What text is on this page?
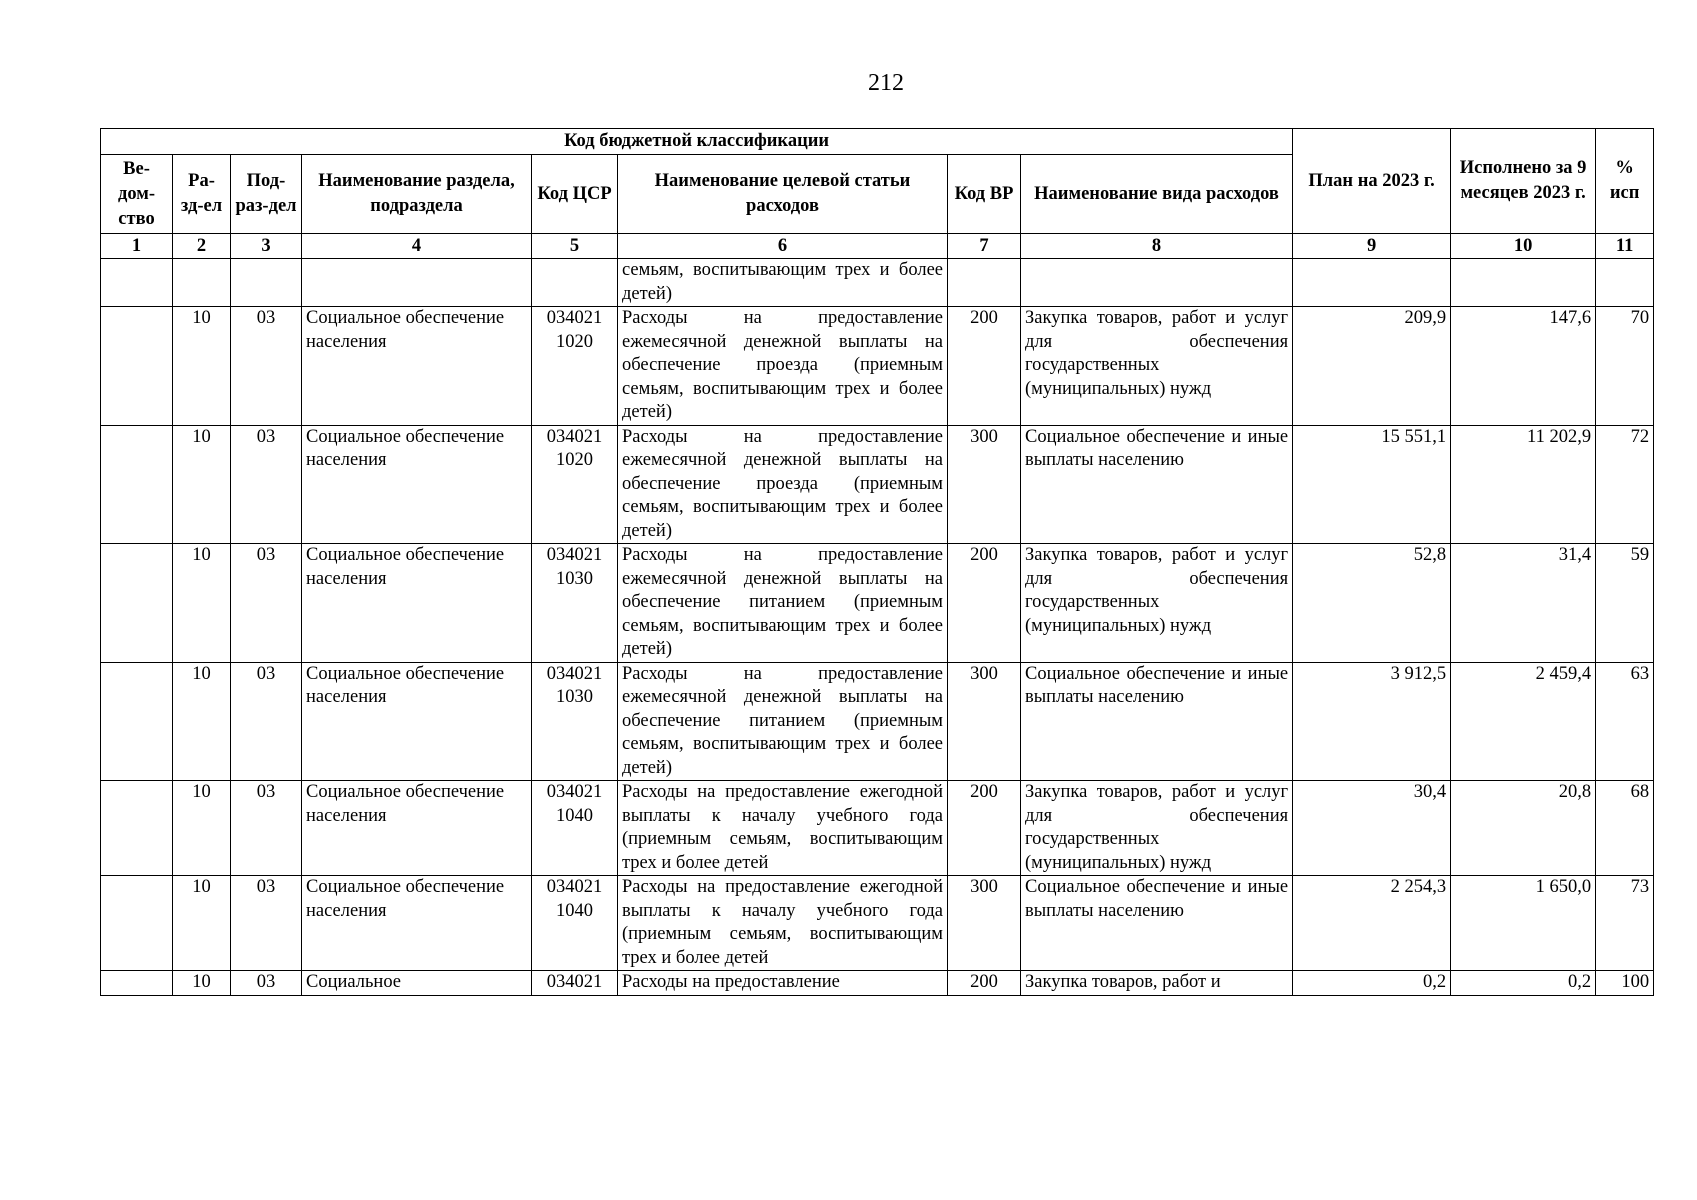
212
Код бюджетной классификации								План на 2023 г.	Исполнено за 9 месяцев 2023 г.	% исп
Ве-дом-ство	Ра-зд-ел	Под-раз-дел	Наименование раздела, подраздела	Код ЦСР	Наименование целевой статьи расходов	Код ВР	Наименование вида расходов			
1	2	3	4	5	6	7	8	9	10	11
					семьям, воспитывающим трех и более детей)					
	10	03	Социальное обеспечение населения	034021 1020	Расходы на предоставление ежемесячной денежной выплаты на обеспечение проезда (приемным семьям, воспитывающим трех и более детей)	200	Закупка товаров, работ и услуг для обеспечения государственных (муниципальных) нужд	209,9	147,6	70
	10	03	Социальное обеспечение населения	034021 1020	Расходы на предоставление ежемесячной денежной выплаты на обеспечение проезда (приемным семьям, воспитывающим трех и более детей)	300	Социальное обеспечение и иные выплаты населению	15 551,1	11 202,9	72
	10	03	Социальное обеспечение населения	034021 1030	Расходы на предоставление ежемесячной денежной выплаты на обеспечение питанием (приемным семьям, воспитывающим трех и более детей)	200	Закупка товаров, работ и услуг для обеспечения государственных (муниципальных) нужд	52,8	31,4	59
	10	03	Социальное обеспечение населения	034021 1030	Расходы на предоставление ежемесячной денежной выплаты на обеспечение питанием (приемным семьям, воспитывающим трех и более детей)	300	Социальное обеспечение и иные выплаты населению	3 912,5	2 459,4	63
	10	03	Социальное обеспечение населения	034021 1040	Расходы на предоставление ежегодной выплаты к началу учебного года (приемным семьям, воспитывающим трех и более детей	200	Закупка товаров, работ и услуг для обеспечения государственных (муниципальных) нужд	30,4	20,8	68
	10	03	Социальное обеспечение населения	034021 1040	Расходы на предоставление ежегодной выплаты к началу учебного года (приемным семьям, воспитывающим трех и более детей	300	Социальное обеспечение и иные выплаты населению	2 254,3	1 650,0	73
	10	03	Социальное	034021	Расходы на предоставление	200	Закупка товаров, работ и	0,2	0,2	100
